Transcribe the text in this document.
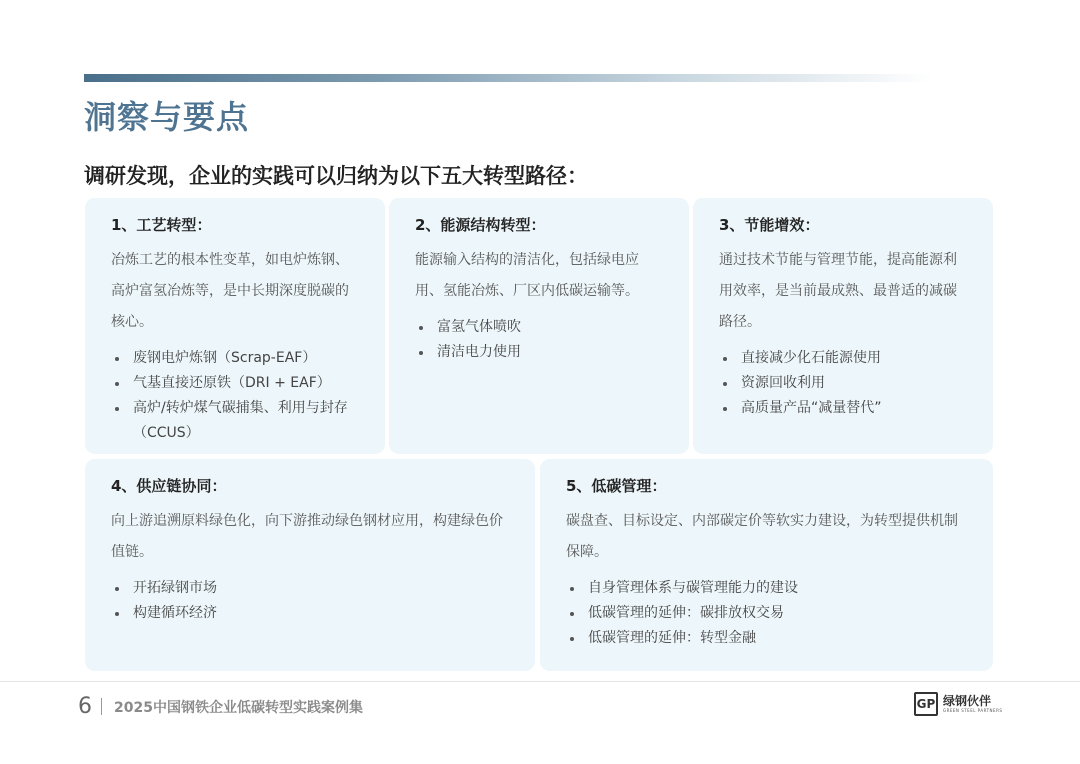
洞察与要点

调研发现，企业的实践可以归纳为以下五大转型路径：

1、工艺转型：

冶炼工艺的根本性变革，如电炉炼钢、高炉富氢冶炼等，是中长期深度脱碳的核心。

废钢电炉炼钢（Scrap-EAF）
气基直接还原铁（DRI + EAF）
高炉/转炉煤气碳捕集、利用与封存（CCUS）
2、能源结构转型：

能源输入结构的清洁化，包括绿电应用、氢能冶炼、厂区内低碳运输等。

富氢气体喷吹
清洁电力使用
3、节能增效：

通过技术节能与管理节能，提高能源利用效率，是当前最成熟、最普适的减碳路径。

直接减少化石能源使用
资源回收利用
高质量产品“减量替代”
4、供应链协同：

向上游追溯原料绿色化，向下游推动绿色钢材应用，构建绿色价值链。

开拓绿钢市场
构建循环经济
5、低碳管理：

碳盘查、目标设定、内部碳定价等软实力建设，为转型提供机制保障。

自身管理体系与碳管理能力的建设
低碳管理的延伸：碳排放权交易
低碳管理的延伸：转型金融
6 2025中国钢铁企业低碳转型实践案例集	GP 绿钢伙伴
GREEN STEEL PARTNERS
